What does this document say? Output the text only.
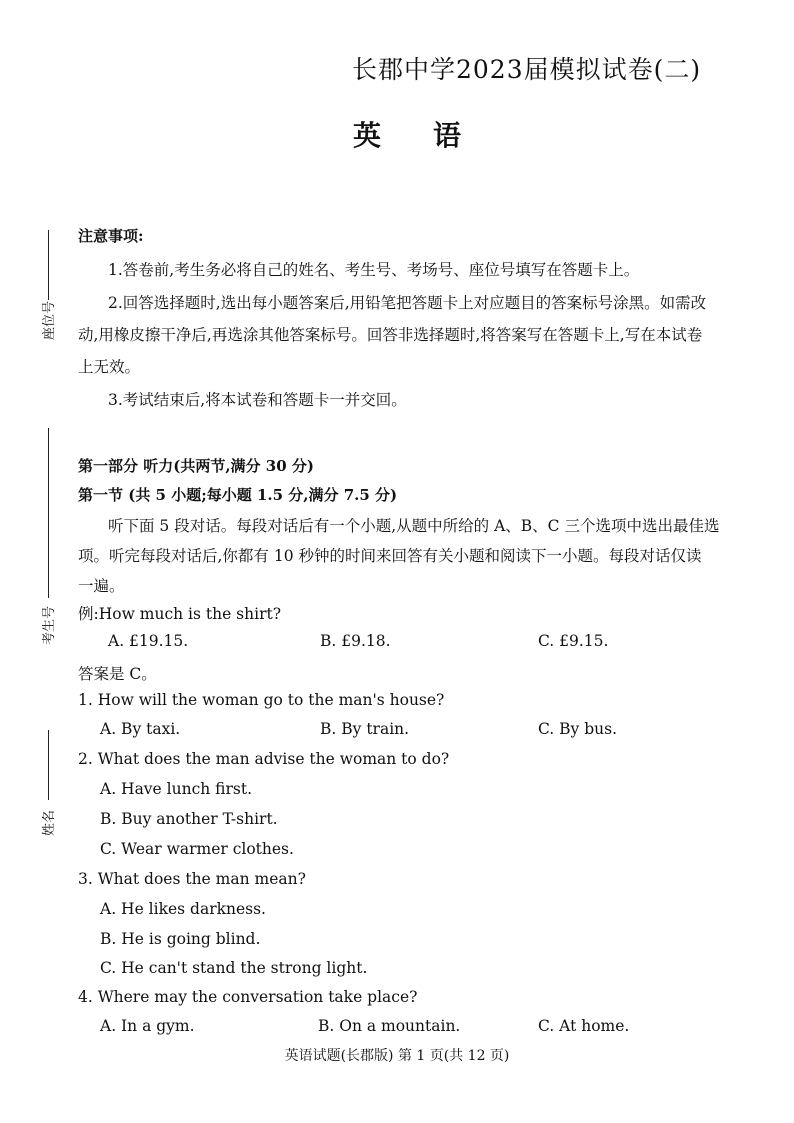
长郡中学2023届模拟试卷(二)
英语
座位号
考生号
姓名
注意事项:
1.答卷前,考生务必将自己的姓名、考生号、考场号、座位号填写在答题卡上。
2.回答选择题时,选出每小题答案后,用铅笔把答题卡上对应题目的答案标号涂黑。如需改
动,用橡皮擦干净后,再选涂其他答案标号。回答非选择题时,将答案写在答题卡上,写在本试卷
上无效。
3.考试结束后,将本试卷和答题卡一并交回。
第一部分 听力(共两节,满分 30 分)
第一节 (共 5 小题;每小题 1.5 分,满分 7.5 分)
听下面 5 段对话。每段对话后有一个小题,从题中所给的 A、B、C 三个选项中选出最佳选
项。听完每段对话后,你都有 10 秒钟的时间来回答有关小题和阅读下一小题。每段对话仅读
一遍。
例:How much is the shirt?
A. £19.15.	B. £9.18.	C. £9.15.
答案是 C。
1. How will the woman go to the man's house?
A. By taxi.	B. By train.	C. By bus.
2. What does the man advise the woman to do?
A. Have lunch first.
B. Buy another T-shirt.
C. Wear warmer clothes.
3. What does the man mean?
A. He likes darkness.
B. He is going blind.
C. He can't stand the strong light.
4. Where may the conversation take place?
A. In a gym.	B. On a mountain.	C. At home.
英语试题(长郡版) 第 1 页(共 12 页)
